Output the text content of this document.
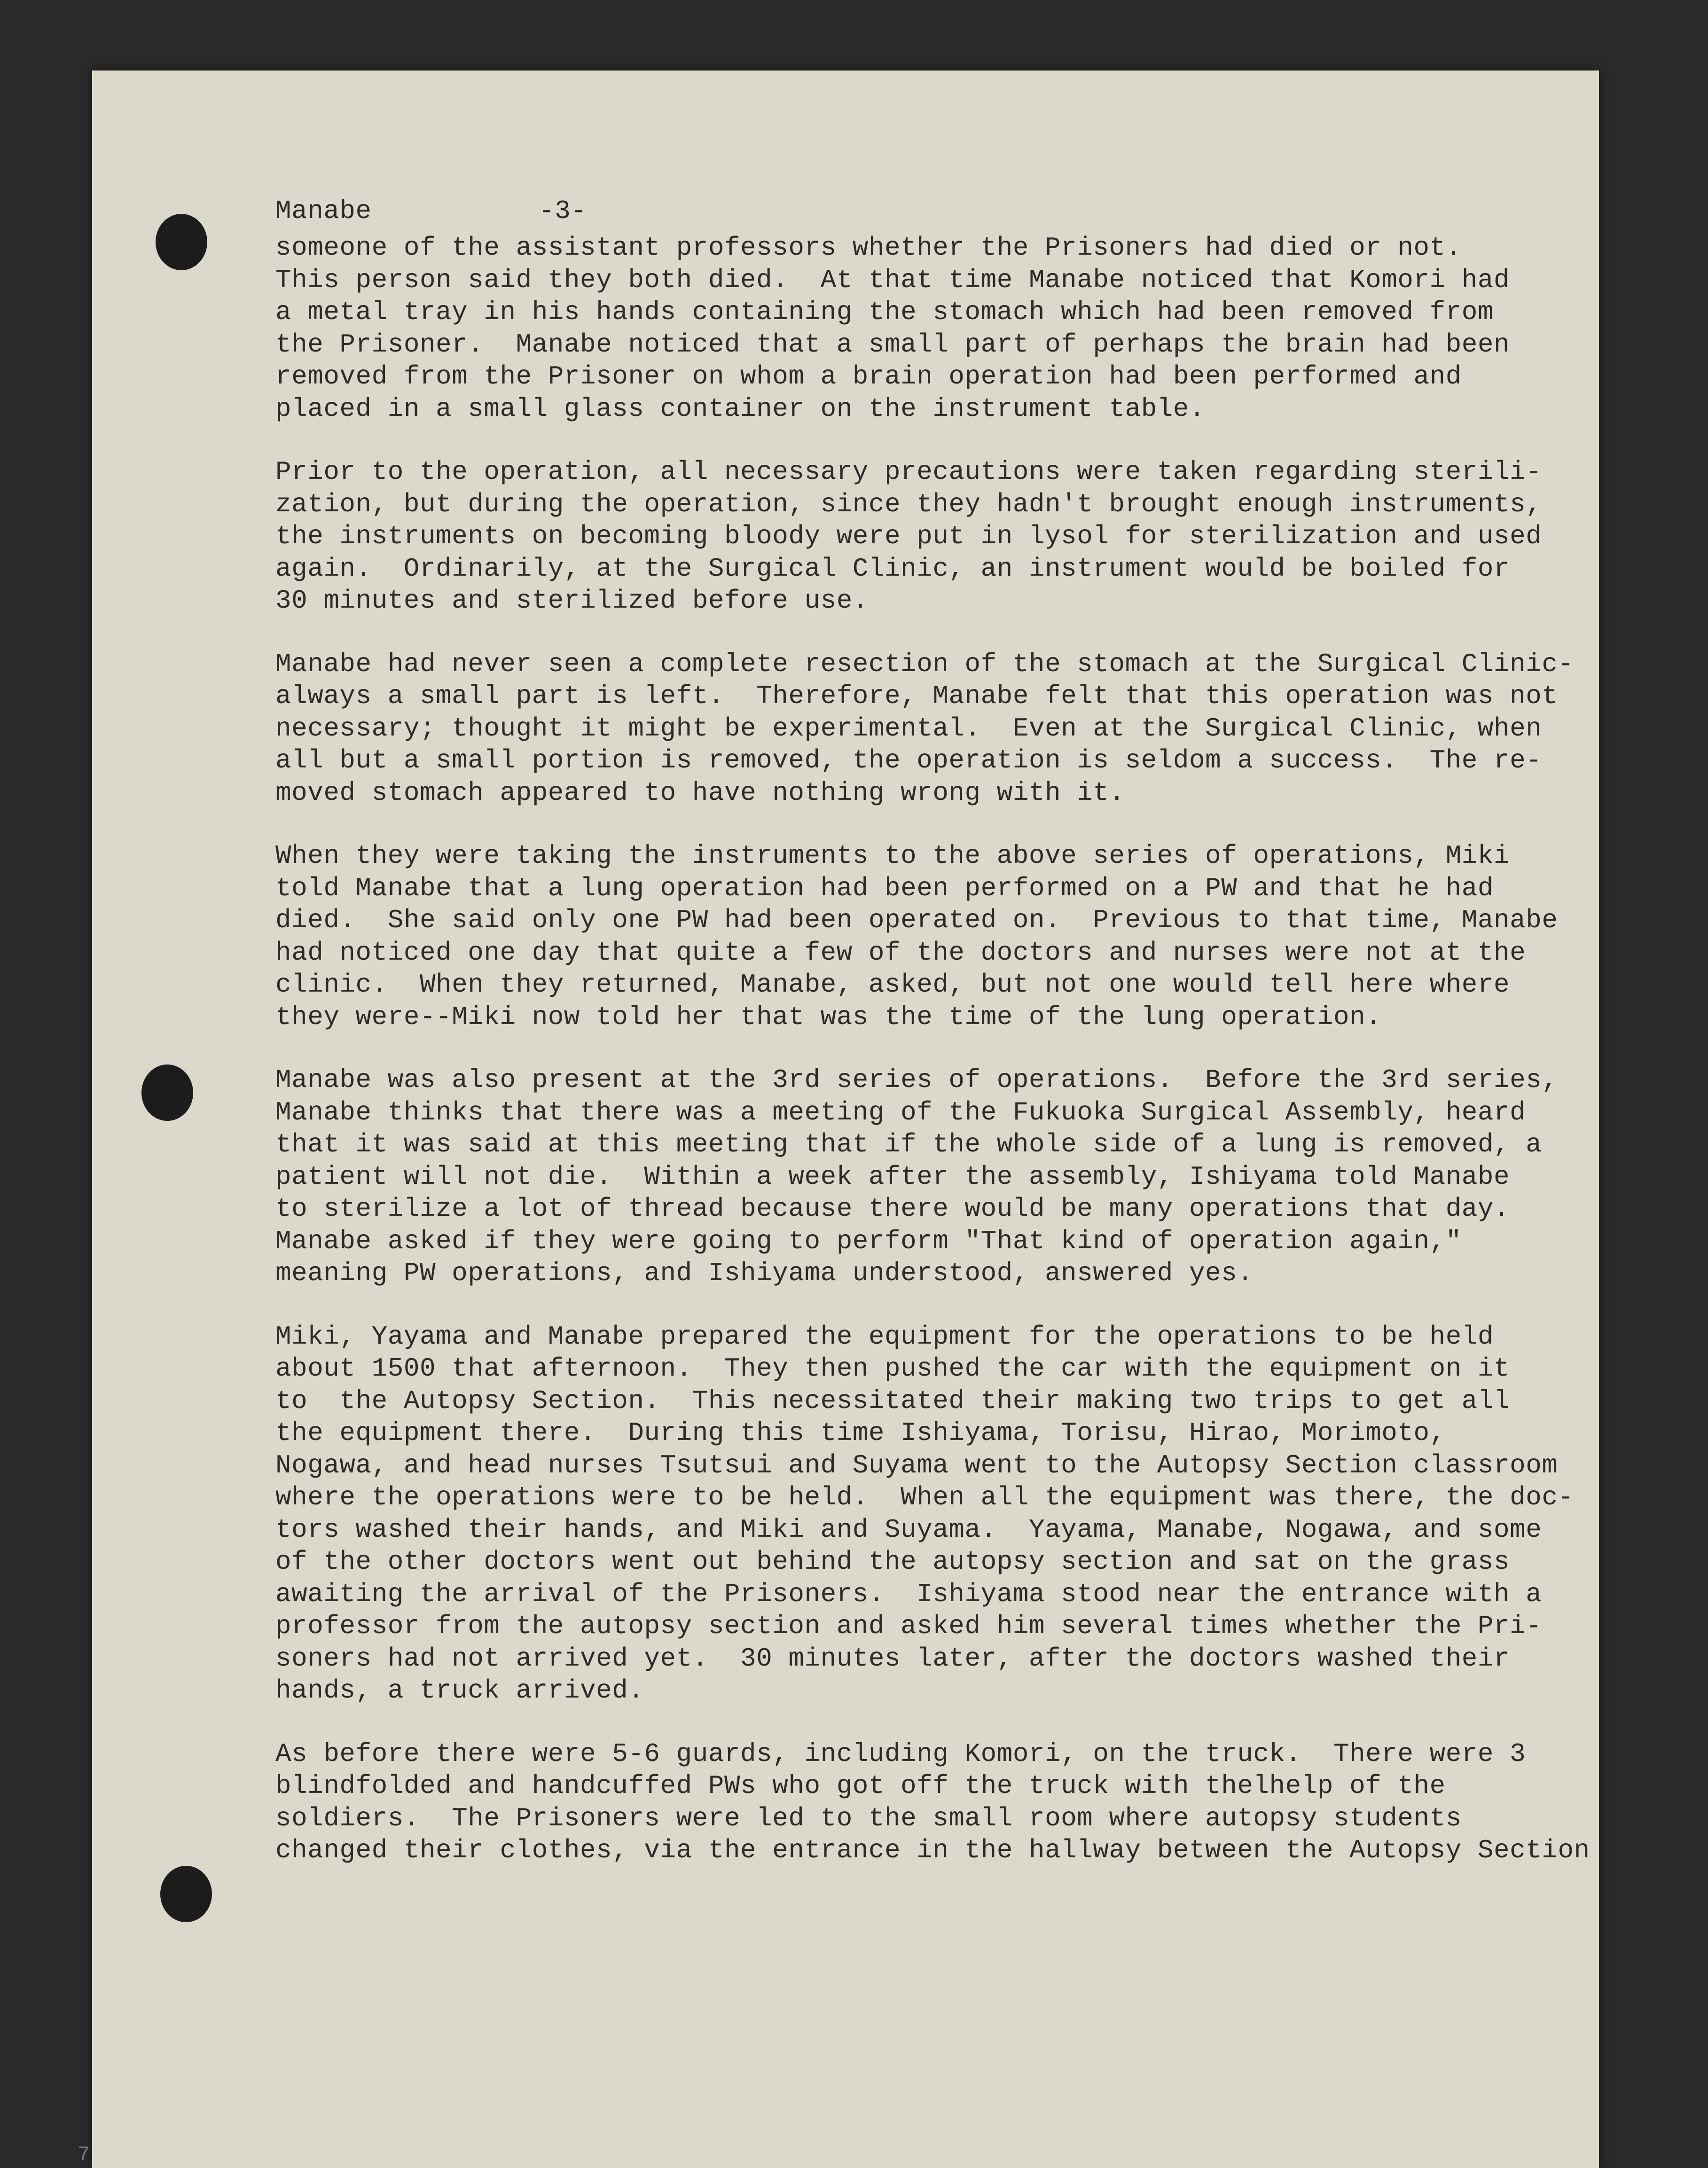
Manabe	-3-
someone of the assistant professors whether the Prisoners had died or not.
This person said they both died.  At that time Manabe noticed that Komori had
a metal tray in his hands containing the stomach which had been removed from
the Prisoner.  Manabe noticed that a small part of perhaps the brain had been
removed from the Prisoner on whom a brain operation had been performed and
placed in a small glass container on the instrument table.
Prior to the operation, all necessary precautions were taken regarding sterili-
zation, but during the operation, since they hadn't brought enough instruments,
the instruments on becoming bloody were put in lysol for sterilization and used
again.  Ordinarily, at the Surgical Clinic, an instrument would be boiled for
30 minutes and sterilized before use.
Manabe had never seen a complete resection of the stomach at the Surgical Clinic-
always a small part is left.  Therefore, Manabe felt that this operation was not
necessary; thought it might be experimental.  Even at the Surgical Clinic, when
all but a small portion is removed, the operation is seldom a success.  The re-
moved stomach appeared to have nothing wrong with it.
When they were taking the instruments to the above series of operations, Miki
told Manabe that a lung operation had been performed on a PW and that he had
died.  She said only one PW had been operated on.  Previous to that time, Manabe
had noticed one day that quite a few of the doctors and nurses were not at the
clinic.  When they returned, Manabe, asked, but not one would tell here where
they were--Miki now told her that was the time of the lung operation.
Manabe was also present at the 3rd series of operations.  Before the 3rd series,
Manabe thinks that there was a meeting of the Fukuoka Surgical Assembly, heard
that it was said at this meeting that if the whole side of a lung is removed, a
patient will not die.  Within a week after the assembly, Ishiyama told Manabe
to sterilize a lot of thread because there would be many operations that day.
Manabe asked if they were going to perform "That kind of operation again,"
meaning PW operations, and Ishiyama understood, answered yes.
Miki, Yayama and Manabe prepared the equipment for the operations to be held
about 1500 that afternoon.  They then pushed the car with the equipment on it
to  the Autopsy Section.  This necessitated their making two trips to get all
the equipment there.  During this time Ishiyama, Torisu, Hirao, Morimoto,
Nogawa, and head nurses Tsutsui and Suyama went to the Autopsy Section classroom
where the operations were to be held.  When all the equipment was there, the doc-
tors washed their hands, and Miki and Suyama.  Yayama, Manabe, Nogawa, and some
of the other doctors went out behind the autopsy section and sat on the grass
awaiting the arrival of the Prisoners.  Ishiyama stood near the entrance with a
professor from the autopsy section and asked him several times whether the Pri-
soners had not arrived yet.  30 minutes later, after the doctors washed their
hands, a truck arrived.
As before there were 5-6 guards, including Komori, on the truck.  There were 3
blindfolded and handcuffed PWs who got off the truck with thelhelp of the
soldiers.  The Prisoners were led to the small room where autopsy students
changed their clothes, via the entrance in the hallway between the Autopsy Section
7
